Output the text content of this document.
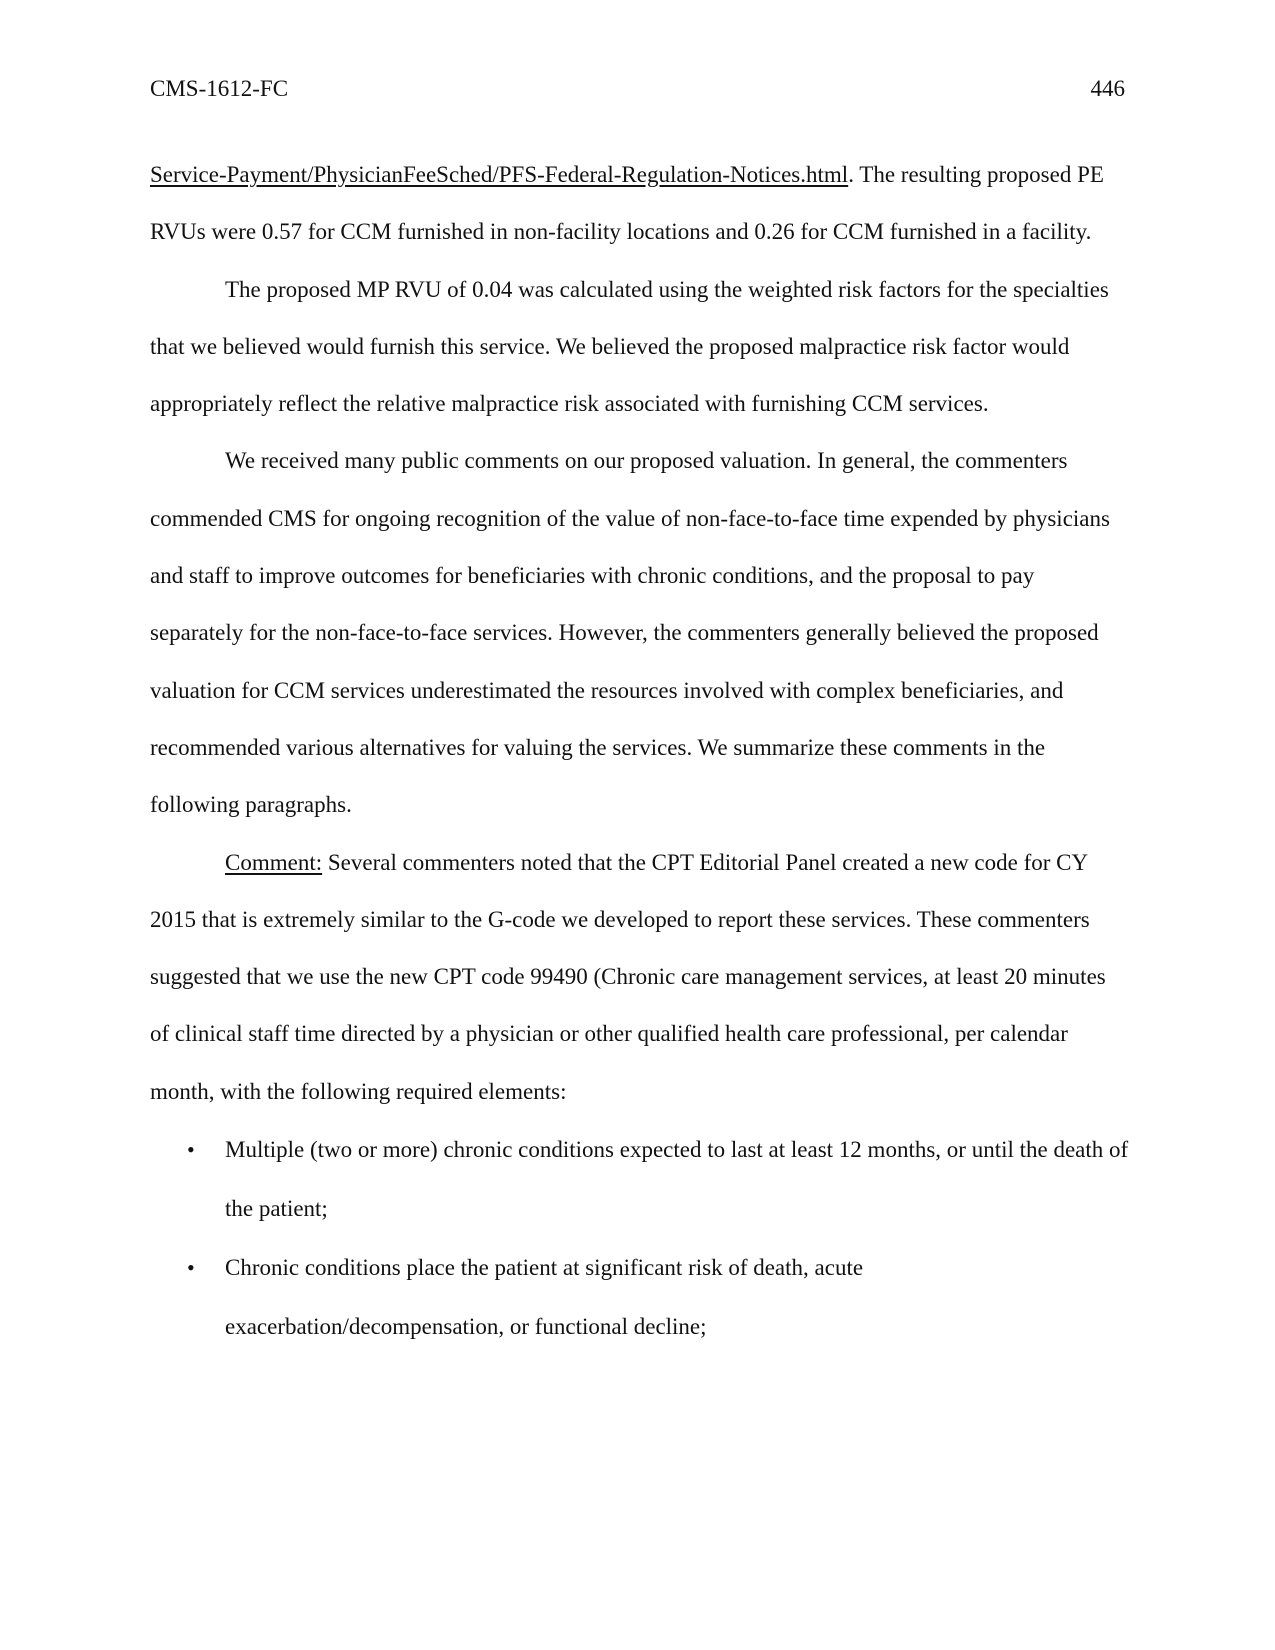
CMS-1612-FC	446

Service-Payment/PhysicianFeeSched/PFS-Federal-Regulation-Notices.html. The resulting proposed PE RVUs were 0.57 for CCM furnished in non-facility locations and 0.26 for CCM furnished in a facility.

The proposed MP RVU of 0.04 was calculated using the weighted risk factors for the specialties that we believed would furnish this service. We believed the proposed malpractice risk factor would appropriately reflect the relative malpractice risk associated with furnishing CCM services.

We received many public comments on our proposed valuation. In general, the commenters commended CMS for ongoing recognition of the value of non-face-to-face time expended by physicians and staff to improve outcomes for beneficiaries with chronic conditions, and the proposal to pay separately for the non-face-to-face services. However, the commenters generally believed the proposed valuation for CCM services underestimated the resources involved with complex beneficiaries, and recommended various alternatives for valuing the services. We summarize these comments in the following paragraphs.

Comment: Several commenters noted that the CPT Editorial Panel created a new code for CY 2015 that is extremely similar to the G-code we developed to report these services. These commenters suggested that we use the new CPT code 99490 (Chronic care management services, at least 20 minutes of clinical staff time directed by a physician or other qualified health care professional, per calendar month, with the following required elements:

• Multiple (two or more) chronic conditions expected to last at least 12 months, or until the death of the patient;
• Chronic conditions place the patient at significant risk of death, acute exacerbation/decompensation, or functional decline;
